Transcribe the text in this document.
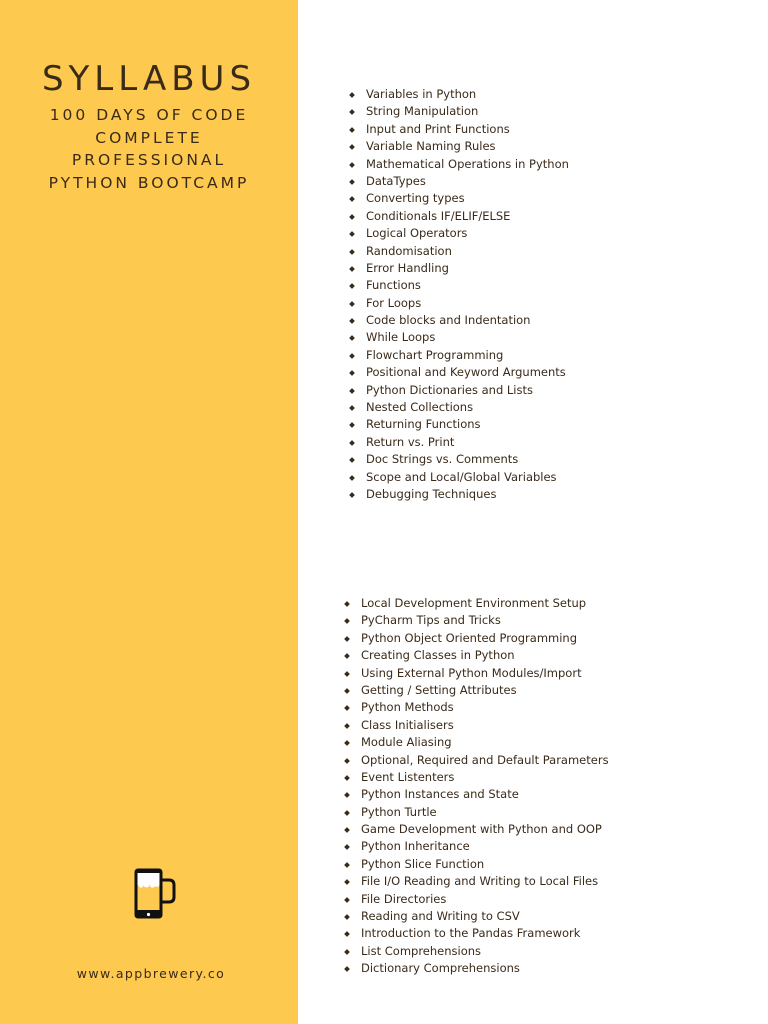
SYLLABUS
100 DAYS OF CODE
COMPLETE
PROFESSIONAL
PYTHON BOOTCAMP
www.appbrewery.co
Variables in Python
String Manipulation
Input and Print Functions
Variable Naming Rules
Mathematical Operations in Python
DataTypes
Converting types
Conditionals IF/ELIF/ELSE
Logical Operators
Randomisation
Error Handling
Functions
For Loops
Code blocks and Indentation
While Loops
Flowchart Programming
Positional and Keyword Arguments
Python Dictionaries and Lists
Nested Collections
Returning Functions
Return vs. Print
Doc Strings vs. Comments
Scope and Local/Global Variables
Debugging Techniques
Local Development Environment Setup
PyCharm Tips and Tricks
Python Object Oriented Programming
Creating Classes in Python
Using External Python Modules/Import
Getting / Setting Attributes
Python Methods
Class Initialisers
Module Aliasing
Optional, Required and Default Parameters
Event Listenters
Python Instances and State
Python Turtle
Game Development with Python and OOP
Python Inheritance
Python Slice Function
File I/O Reading and Writing to Local Files
File Directories
Reading and Writing to CSV
Introduction to the Pandas Framework
List Comprehensions
Dictionary Comprehensions
